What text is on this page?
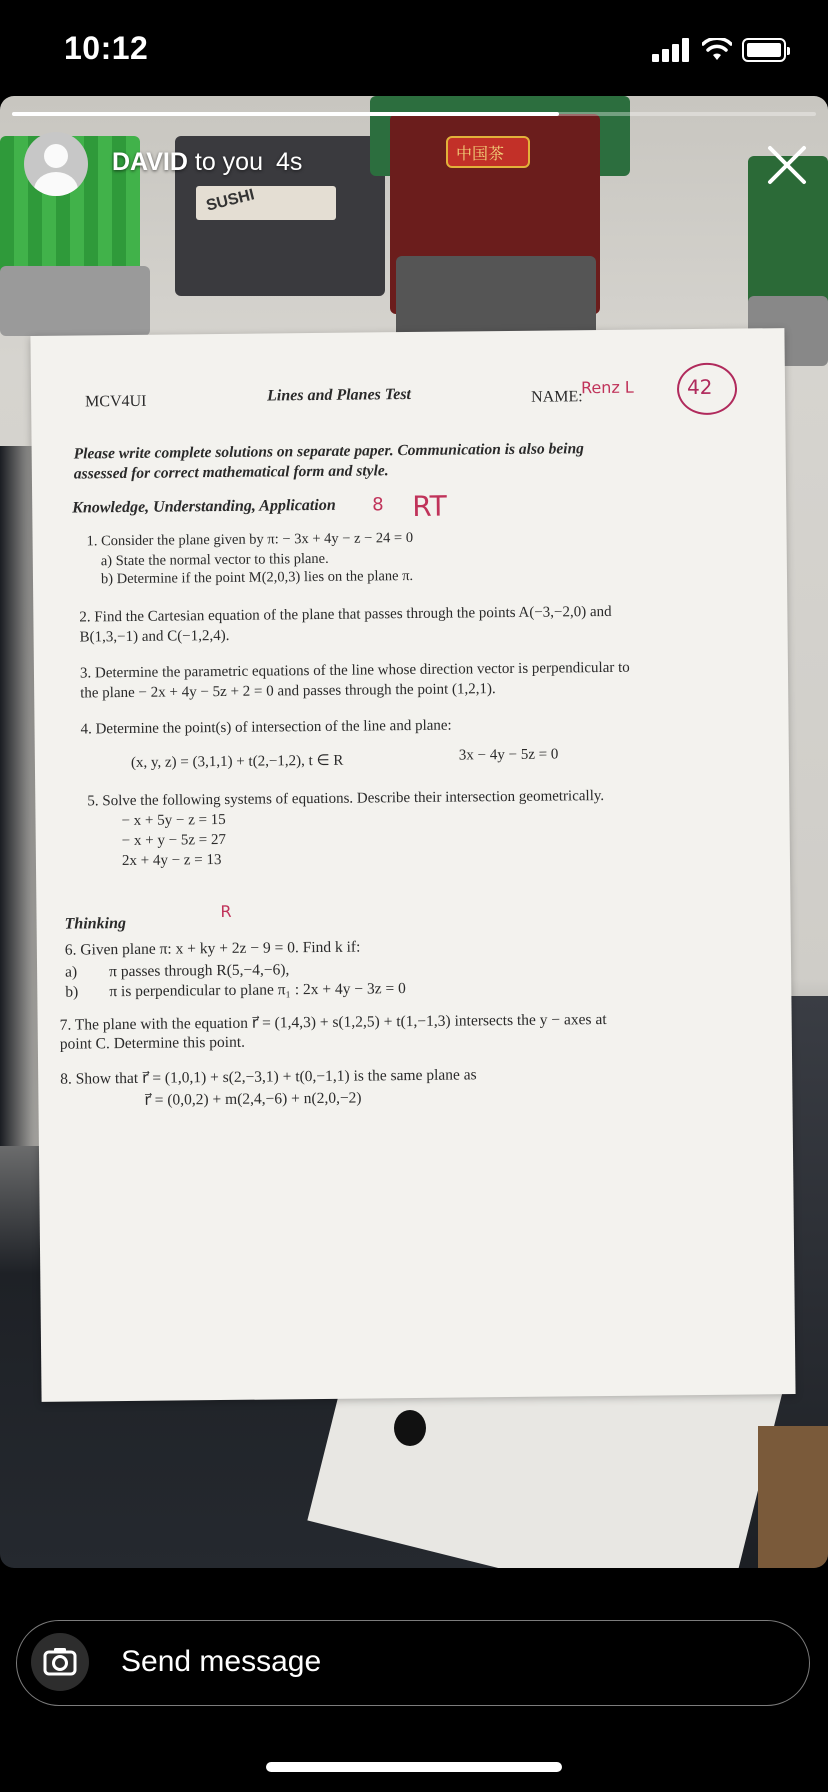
10:12
SUSHI
中国茶
MCV4UI	Lines and Planes Test	NAME:
Renz L	42
Please write complete solutions on separate paper. Communication is also being
assessed for correct mathematical form and style.
Knowledge, Understanding, Application 8 RT
1. Consider the plane given by π: − 3x + 4y − z − 24 = 0
a) State the normal vector to this plane.
b) Determine if the point M(2,0,3) lies on the plane π.
2. Find the Cartesian equation of the plane that passes through the points A(−3,−2,0) and
B(1,3,−1) and C(−1,2,4).
3. Determine the parametric equations of the line whose direction vector is perpendicular to
the plane − 2x + 4y − 5z + 2 = 0 and passes through the point (1,2,1).
4. Determine the point(s) of intersection of the line and plane:
(x, y, z) = (3,1,1) + t(2,−1,2), t ∈ R	3x − 4y − 5z = 0
5. Solve the following systems of equations. Describe their intersection geometrically.
− x + 5y − z = 15
− x + y − 5z = 27
2x + 4y − z = 13
Thinking
R
6. Given plane π: x + ky + 2z − 9 = 0. Find k if:
a) π passes through R(5,−4,−6),
b) π is perpendicular to plane π₁ : 2x + 4y − 3z = 0
7. The plane with the equation r⃗ = (1,4,3) + s(1,2,5) + t(1,−1,3) intersects the y − axes at
point C. Determine this point.
8. Show that r⃗ = (1,0,1) + s(2,−3,1) + t(0,−1,1) is the same plane as
r⃗ = (0,0,2) + m(2,4,−6) + n(2,0,−2)
DAVID to you 4s
Send message
